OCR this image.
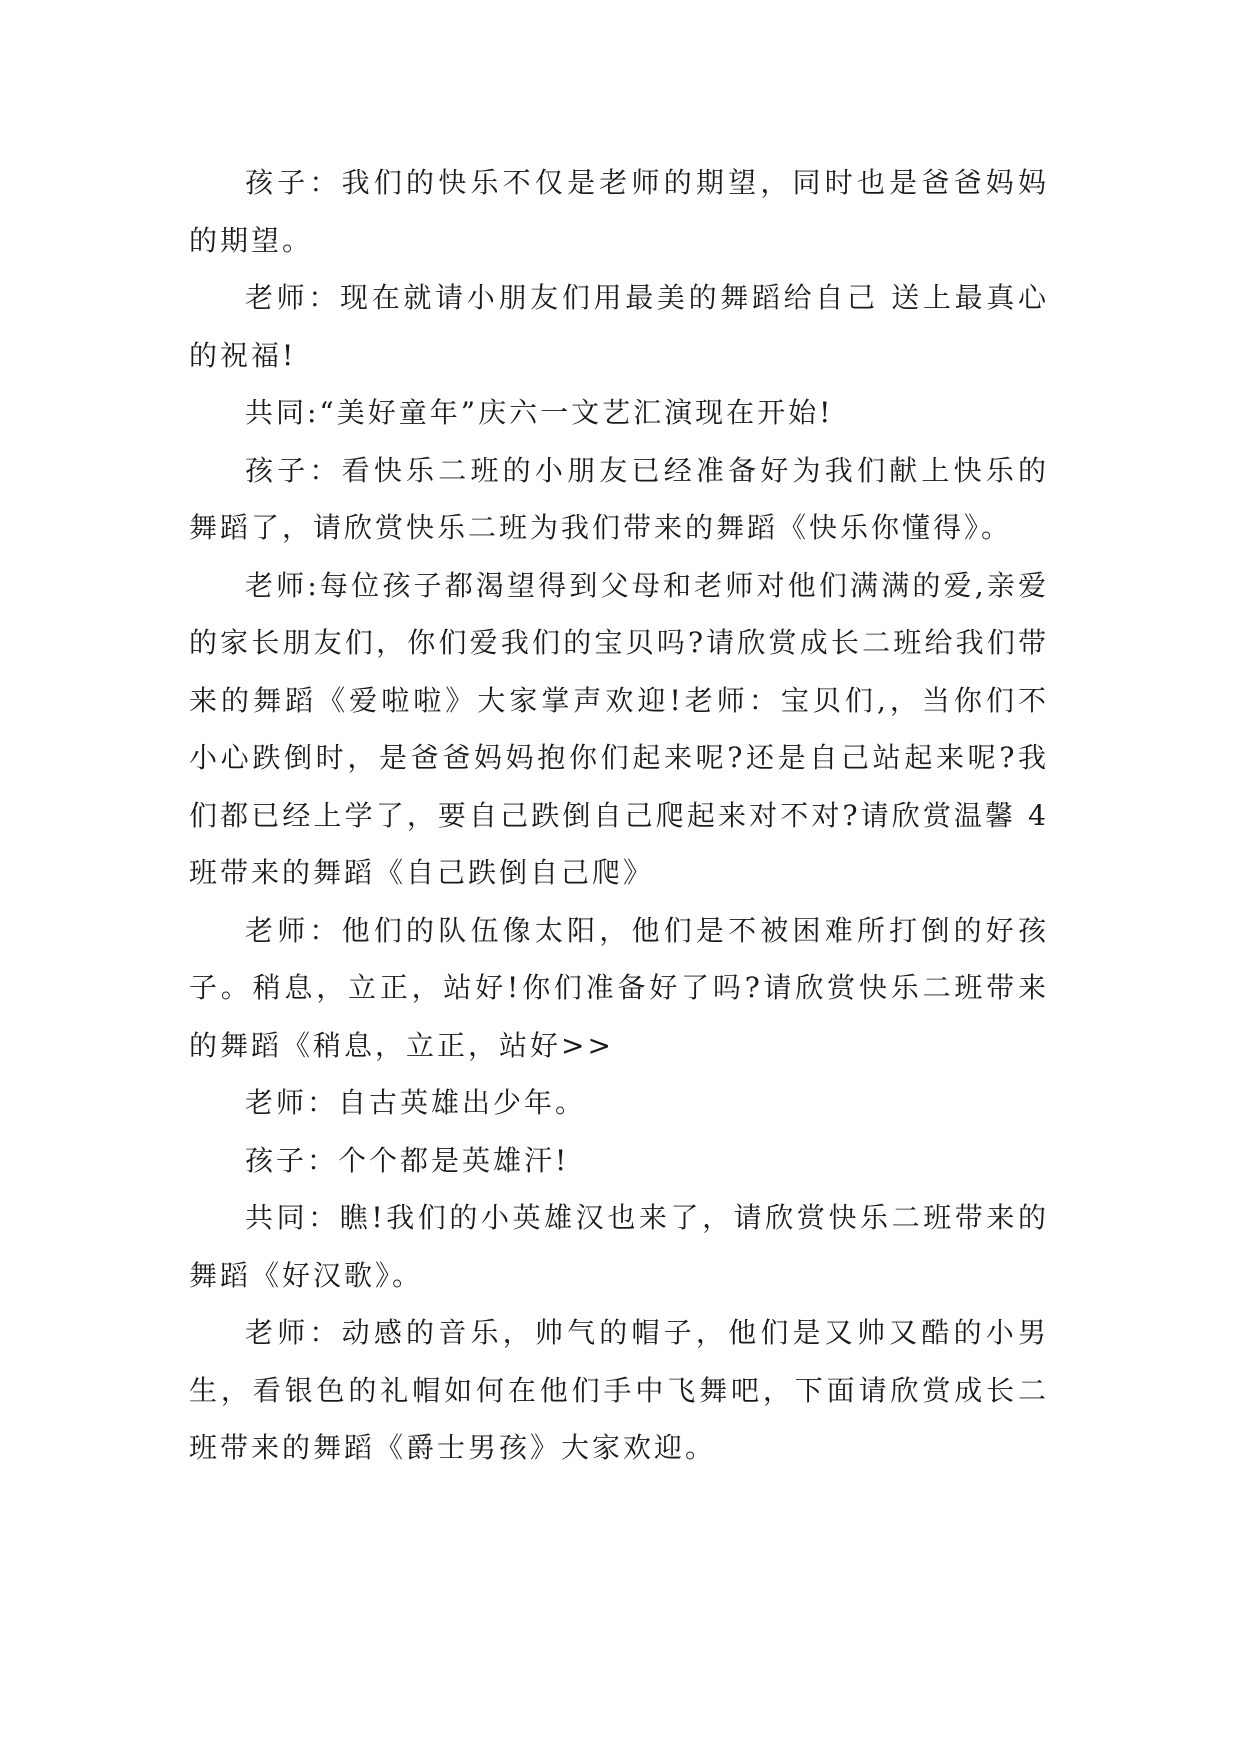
孩子：我们的快乐不仅是老师的期望，同时也是爸爸妈妈的期望。

老师：现在就请小朋友们用最美的舞蹈给自己 送上最真心的祝福!

共同:“美好童年”庆六一文艺汇演现在开始!

孩子：看快乐二班的小朋友已经准备好为我们献上快乐的舞蹈了，请欣赏快乐二班为我们带来的舞蹈《快乐你懂得》。

老师:每位孩子都渴望得到父母和老师对他们满满的爱,亲爱的家长朋友们，你们爱我们的宝贝吗?请欣赏成长二班给我们带来的舞蹈《爱啦啦》大家掌声欢迎!老师：宝贝们,，当你们不小心跌倒时，是爸爸妈妈抱你们起来呢?还是自己站起来呢?我们都已经上学了，要自己跌倒自己爬起来对不对?请欣赏温馨 4 班带来的舞蹈《自己跌倒自己爬》

老师：他们的队伍像太阳，他们是不被困难所打倒的好孩子。稍息，立正，站好!你们准备好了吗?请欣赏快乐二班带来的舞蹈《稍息，立正，站好>>

老师：自古英雄出少年。

孩子：个个都是英雄汗!

共同：瞧!我们的小英雄汉也来了，请欣赏快乐二班带来的舞蹈《好汉歌》。

老师：动感的音乐，帅气的帽子，他们是又帅又酷的小男生，看银色的礼帽如何在他们手中飞舞吧，下面请欣赏成长二班带来的舞蹈《爵士男孩》大家欢迎。
